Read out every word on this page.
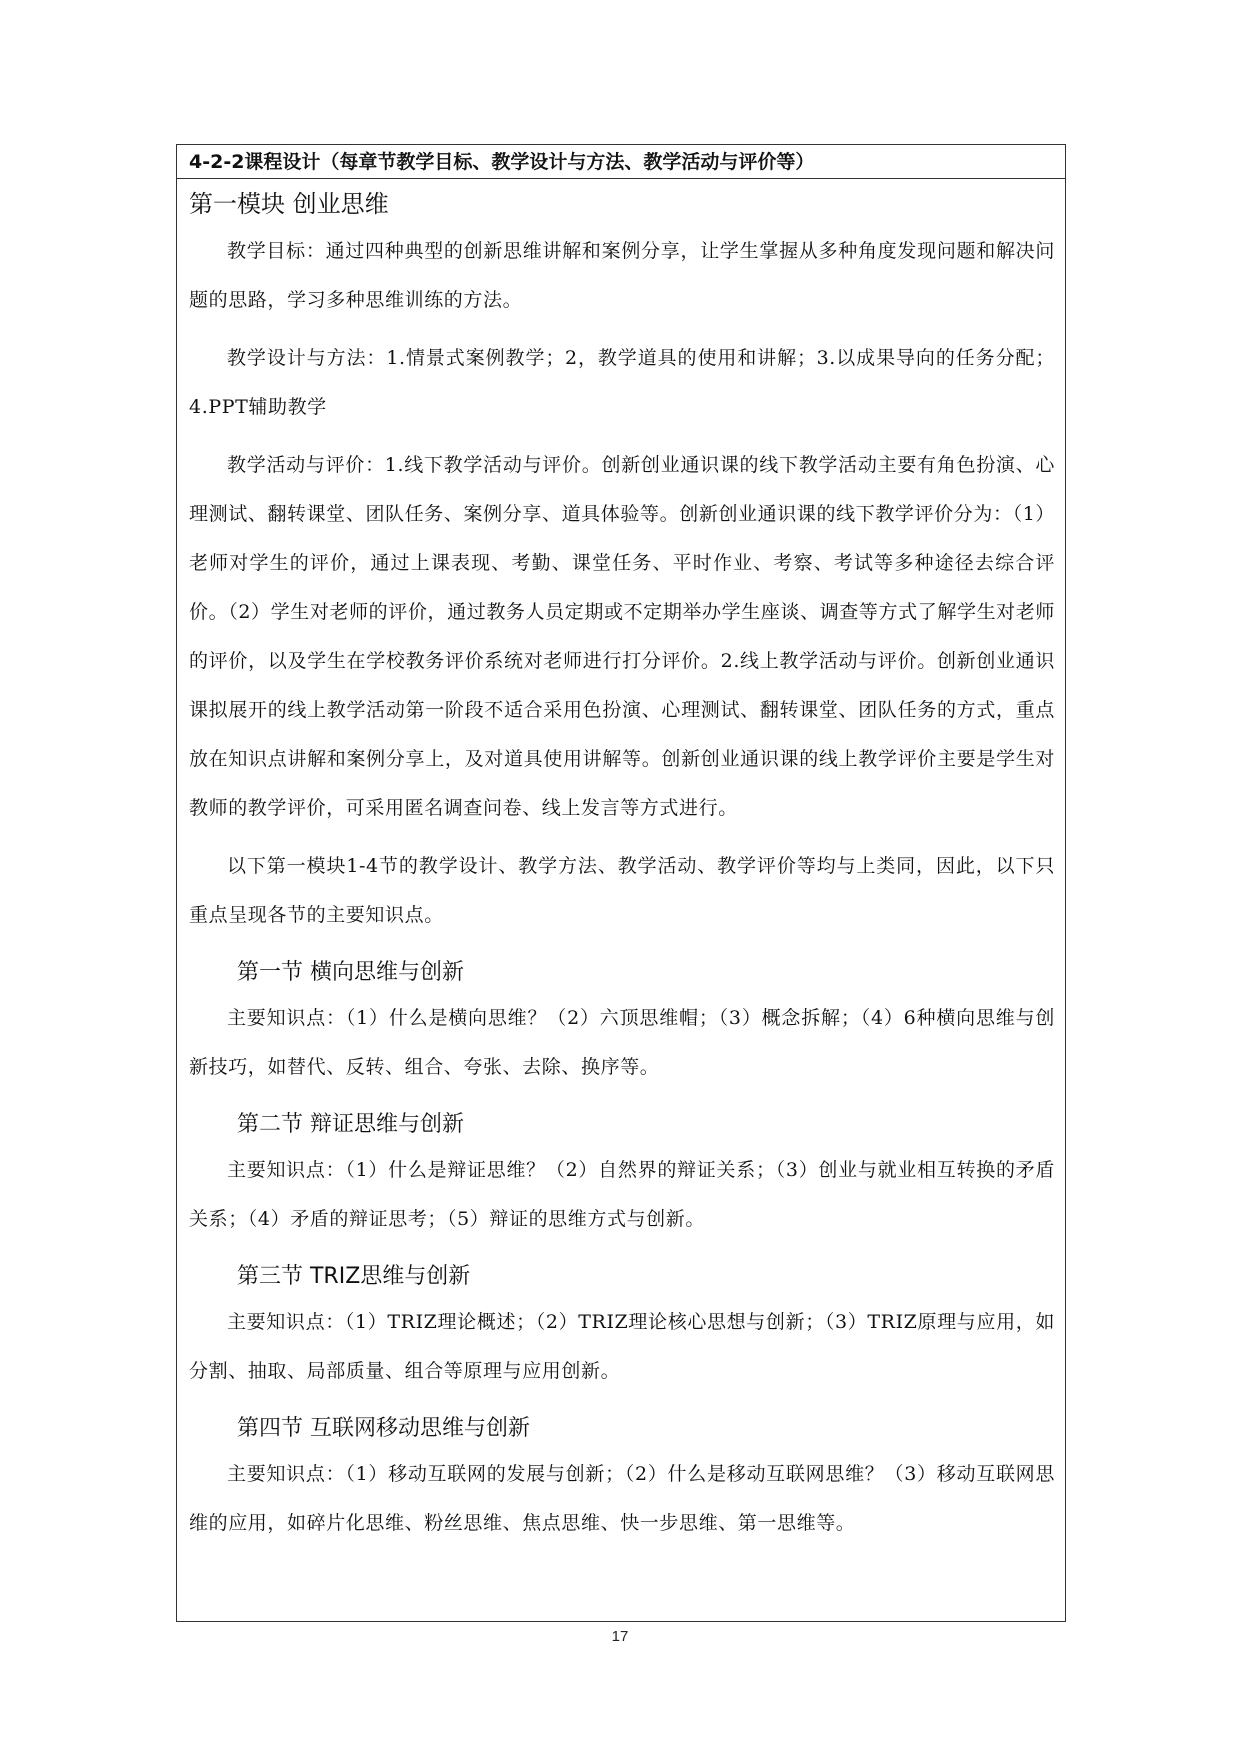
4-2-2课程设计（每章节教学目标、教学设计与方法、教学活动与评价等）
第一模块 创业思维

教学目标：通过四种典型的创新思维讲解和案例分享，让学生掌握从多种角度发现问题和解决问题的思路，学习多种思维训练的方法。

教学设计与方法：1.情景式案例教学；2，教学道具的使用和讲解；3.以成果导向的任务分配；4.PPT辅助教学

教学活动与评价：1.线下教学活动与评价。创新创业通识课的线下教学活动主要有角色扮演、心理测试、翻转课堂、团队任务、案例分享、道具体验等。创新创业通识课的线下教学评价分为：（1）老师对学生的评价，通过上课表现、考勤、课堂任务、平时作业、考察、考试等多种途径去综合评价。（2）学生对老师的评价，通过教务人员定期或不定期举办学生座谈、调查等方式了解学生对老师的评价，以及学生在学校教务评价系统对老师进行打分评价。2.线上教学活动与评价。创新创业通识课拟展开的线上教学活动第一阶段不适合采用色扮演、心理测试、翻转课堂、团队任务的方式，重点放在知识点讲解和案例分享上，及对道具使用讲解等。创新创业通识课的线上教学评价主要是学生对教师的教学评价，可采用匿名调查问卷、线上发言等方式进行。

以下第一模块1-4节的教学设计、教学方法、教学活动、教学评价等均与上类同，因此，以下只重点呈现各节的主要知识点。

第一节 横向思维与创新

主要知识点：（1）什么是横向思维？（2）六顶思维帽；（3）概念拆解；（4）6种横向思维与创新技巧，如替代、反转、组合、夸张、去除、换序等。

第二节 辩证思维与创新

主要知识点：（1）什么是辩证思维？（2）自然界的辩证关系；（3）创业与就业相互转换的矛盾关系；（4）矛盾的辩证思考；（5）辩证的思维方式与创新。

第三节 TRIZ思维与创新

主要知识点：（1）TRIZ理论概述；（2）TRIZ理论核心思想与创新；（3）TRIZ原理与应用，如分割、抽取、局部质量、组合等原理与应用创新。

第四节 互联网移动思维与创新

主要知识点：（1）移动互联网的发展与创新；（2）什么是移动互联网思维？（3）移动互联网思维的应用，如碎片化思维、粉丝思维、焦点思维、快一步思维、第一思维等。

17
